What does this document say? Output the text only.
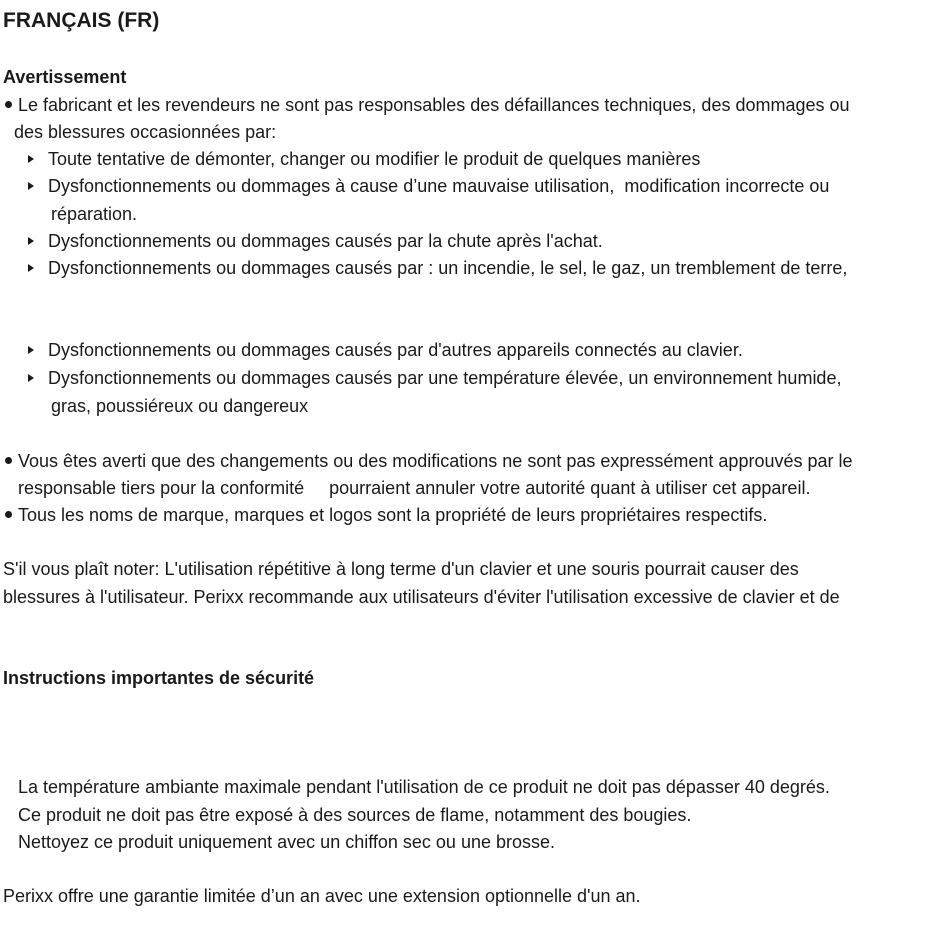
FRANÇAIS (FR)
Avertissement
Le fabricant et les revendeurs ne sont pas responsables des défaillances techniques, des dommages ou
des blessures occasionnées par:
Toute tentative de démonter, changer ou modifier le produit de quelques manières
Dysfonctionnements ou dommages à cause d’une mauvaise utilisation,  modification incorrecte ou
réparation.
Dysfonctionnements ou dommages causés par la chute après l'achat.
Dysfonctionnements ou dommages causés par : un incendie, le sel, le gaz, un tremblement de terre,
Dysfonctionnements ou dommages causés par d'autres appareils connectés au clavier.
Dysfonctionnements ou dommages causés par une température élevée, un environnement humide,
gras, poussiéreux ou dangereux
Vous êtes averti que des changements ou des modifications ne sont pas expressément approuvés par le
responsable tiers pour la conformité     pourraient annuler votre autorité quant à utiliser cet appareil.
Tous les noms de marque, marques et logos sont la propriété de leurs propriétaires respectifs.
S'il vous plaît noter: L'utilisation répétitive à long terme d'un clavier et une souris pourrait causer des
blessures à l'utilisateur. Perixx recommande aux utilisateurs d'éviter l'utilisation excessive de clavier et de
Instructions importantes de sécurité
La température ambiante maximale pendant l'utilisation de ce produit ne doit pas dépasser 40 degrés.
Ce produit ne doit pas être exposé à des sources de flame, notamment des bougies.
Nettoyez ce produit uniquement avec un chiffon sec ou une brosse.
Perixx offre une garantie limitée d’un an avec une extension optionnelle d'un an.
